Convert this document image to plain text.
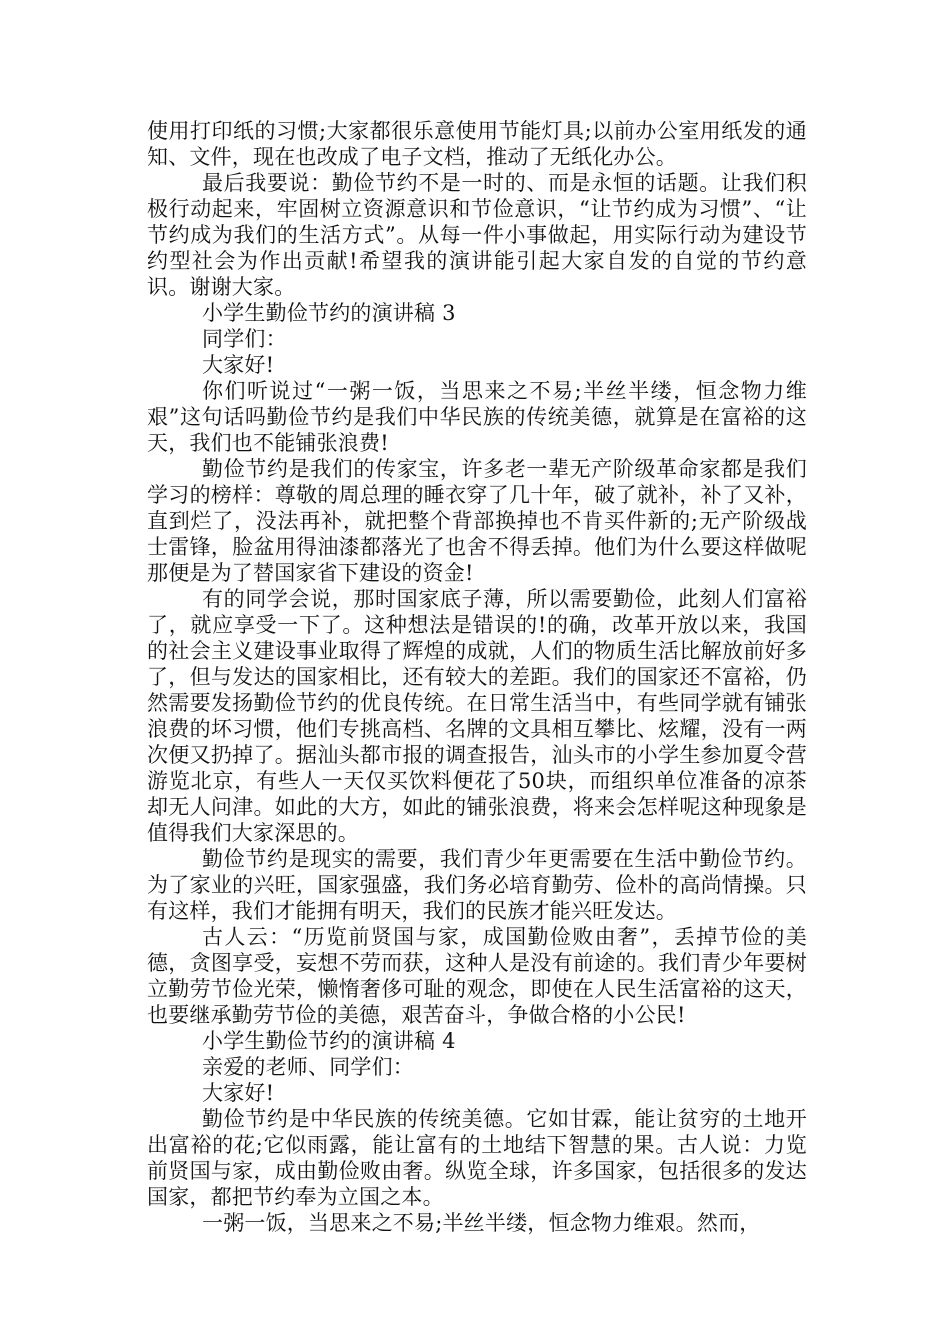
使用打印纸的习惯;大家都很乐意使用节能灯具;以前办公室用纸发的通知、文件，现在也改成了电子文档，推动了无纸化办公。

最后我要说：勤俭节约不是一时的、而是永恒的话题。让我们积极行动起来，牢固树立资源意识和节俭意识，“让节约成为习惯”、“让节约成为我们的生活方式”。从每一件小事做起，用实际行动为建设节约型社会为作出贡献!希望我的演讲能引起大家自发的自觉的节约意识。谢谢大家。

小学生勤俭节约的演讲稿 3

同学们：

大家好!

你们听说过“一粥一饭，当思来之不易;半丝半缕，恒念物力维艰”这句话吗勤俭节约是我们中华民族的传统美德，就算是在富裕的这天，我们也不能铺张浪费!

勤俭节约是我们的传家宝，许多老一辈无产阶级革命家都是我们学习的榜样：尊敬的周总理的睡衣穿了几十年，破了就补，补了又补，直到烂了，没法再补，就把整个背部换掉也不肯买件新的;无产阶级战士雷锋，脸盆用得油漆都落光了也舍不得丢掉。他们为什么要这样做呢那便是为了替国家省下建设的资金!

有的同学会说，那时国家底子薄，所以需要勤俭，此刻人们富裕了，就应享受一下了。这种想法是错误的!的确，改革开放以来，我国的社会主义建设事业取得了辉煌的成就，人们的物质生活比解放前好多了，但与发达的国家相比，还有较大的差距。我们的国家还不富裕，仍然需要发扬勤俭节约的优良传统。在日常生活当中，有些同学就有铺张浪费的坏习惯，他们专挑高档、名牌的文具相互攀比、炫耀，没有一两次便又扔掉了。据汕头都市报的调查报告，汕头市的小学生参加夏令营游览北京，有些人一天仅买饮料便花了50块，而组织单位准备的凉茶却无人问津。如此的大方，如此的铺张浪费，将来会怎样呢这种现象是值得我们大家深思的。

勤俭节约是现实的需要，我们青少年更需要在生活中勤俭节约。为了家业的兴旺，国家强盛，我们务必培育勤劳、俭朴的高尚情操。只有这样，我们才能拥有明天，我们的民族才能兴旺发达。

古人云：“历览前贤国与家，成国勤俭败由奢”，丢掉节俭的美德，贪图享受，妄想不劳而获，这种人是没有前途的。我们青少年要树立勤劳节俭光荣，懒惰奢侈可耻的观念，即使在人民生活富裕的这天，也要继承勤劳节俭的美德，艰苦奋斗，争做合格的小公民!

小学生勤俭节约的演讲稿 4

亲爱的老师、同学们：

大家好!

勤俭节约是中华民族的传统美德。它如甘霖，能让贫穷的土地开出富裕的花;它似雨露，能让富有的土地结下智慧的果。古人说：力览前贤国与家，成由勤俭败由奢。纵览全球，许多国家，包括很多的发达国家，都把节约奉为立国之本。

一粥一饭，当思来之不易;半丝半缕，恒念物力维艰。然而，
